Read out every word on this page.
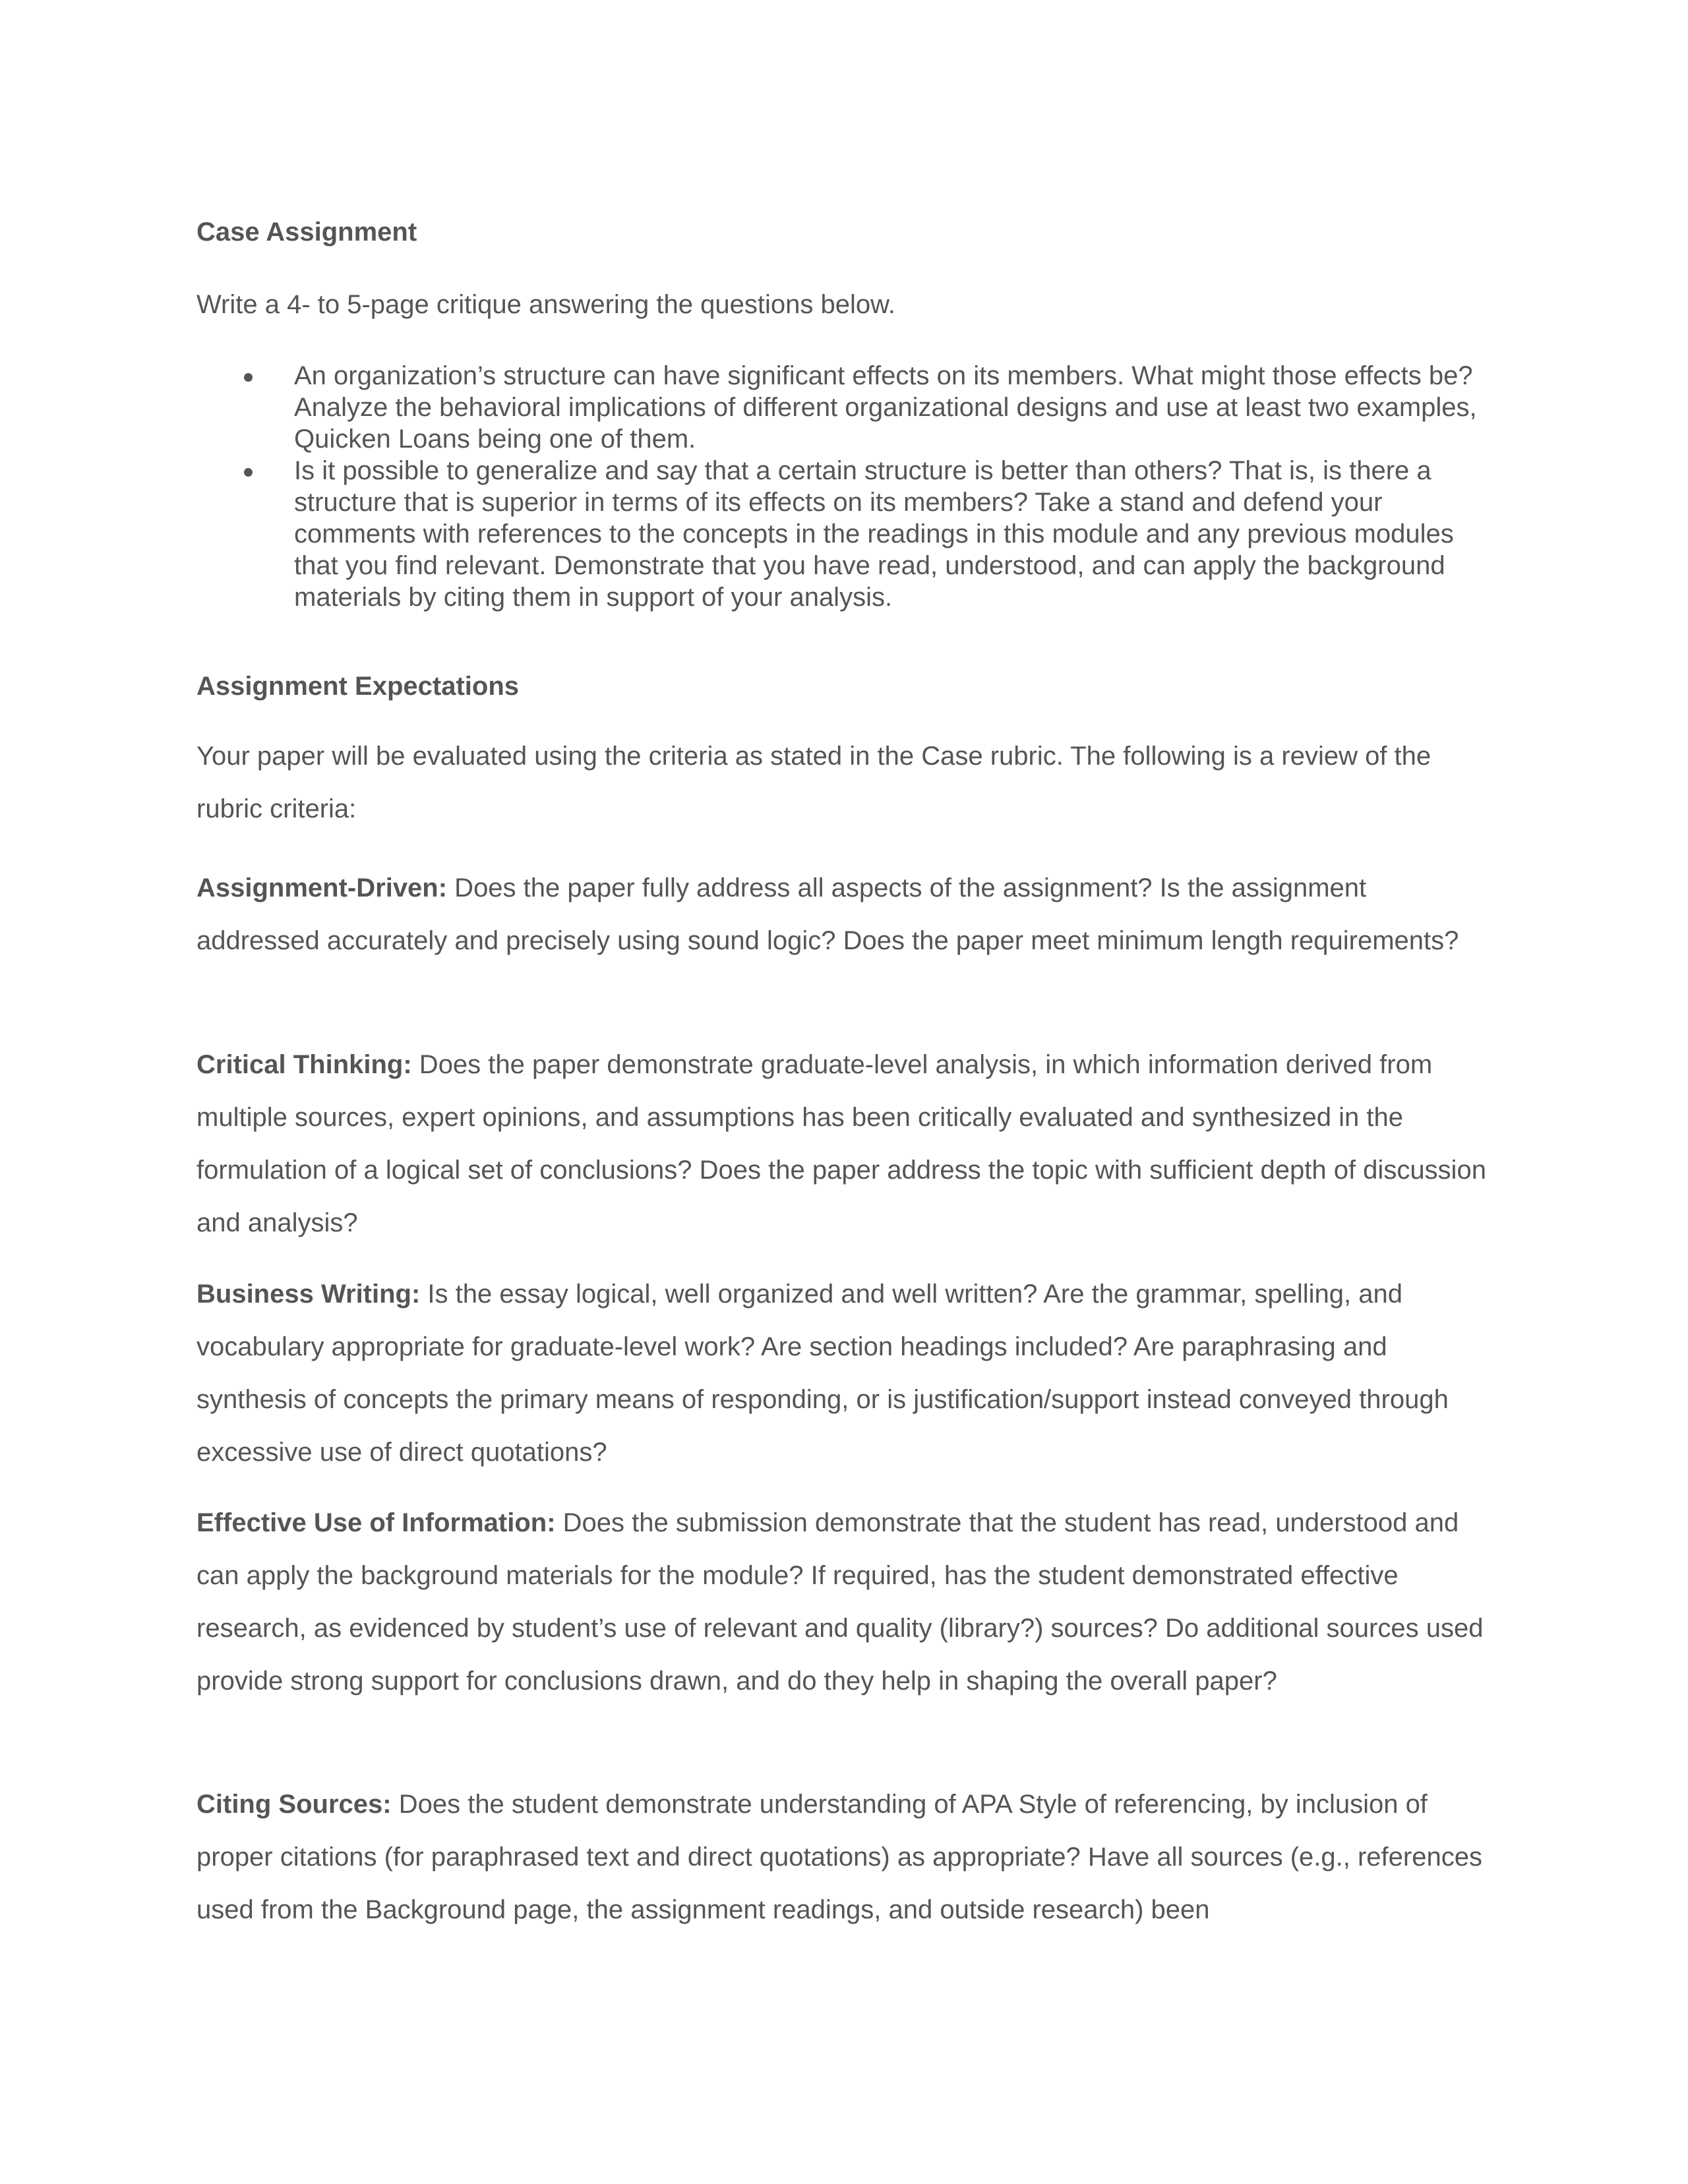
Case Assignment

Write a 4- to 5-page critique answering the questions below.

An organization’s structure can have significant effects on its members. What might those effects be? Analyze the behavioral implications of different organizational designs and use at least two examples, Quicken Loans being one of them.
Is it possible to generalize and say that a certain structure is better than others? That is, is there a structure that is superior in terms of its effects on its members? Take a stand and defend your comments with references to the concepts in the readings in this module and any previous modules that you find relevant. Demonstrate that you have read, understood, and can apply the background materials by citing them in support of your analysis.
Assignment Expectations

Your paper will be evaluated using the criteria as stated in the Case rubric. The following is a review of the rubric criteria:

Assignment-Driven: Does the paper fully address all aspects of the assignment? Is the assignment addressed accurately and precisely using sound logic? Does the paper meet minimum length requirements?

Critical Thinking: Does the paper demonstrate graduate-level analysis, in which information derived from multiple sources, expert opinions, and assumptions has been critically evaluated and synthesized in the formulation of a logical set of conclusions? Does the paper address the topic with sufficient depth of discussion and analysis?

Business Writing: Is the essay logical, well organized and well written? Are the grammar, spelling, and vocabulary appropriate for graduate-level work? Are section headings included? Are paraphrasing and synthesis of concepts the primary means of responding, or is justification/support instead conveyed through excessive use of direct quotations?

Effective Use of Information: Does the submission demonstrate that the student has read, understood and can apply the background materials for the module? If required, has the student demonstrated effective research, as evidenced by student’s use of relevant and quality (library?) sources? Do additional sources used provide strong support for conclusions drawn, and do they help in shaping the overall paper?

Citing Sources: Does the student demonstrate understanding of APA Style of referencing, by inclusion of proper citations (for paraphrased text and direct quotations) as appropriate? Have all sources (e.g., references used from the Background page, the assignment readings, and outside research) been
